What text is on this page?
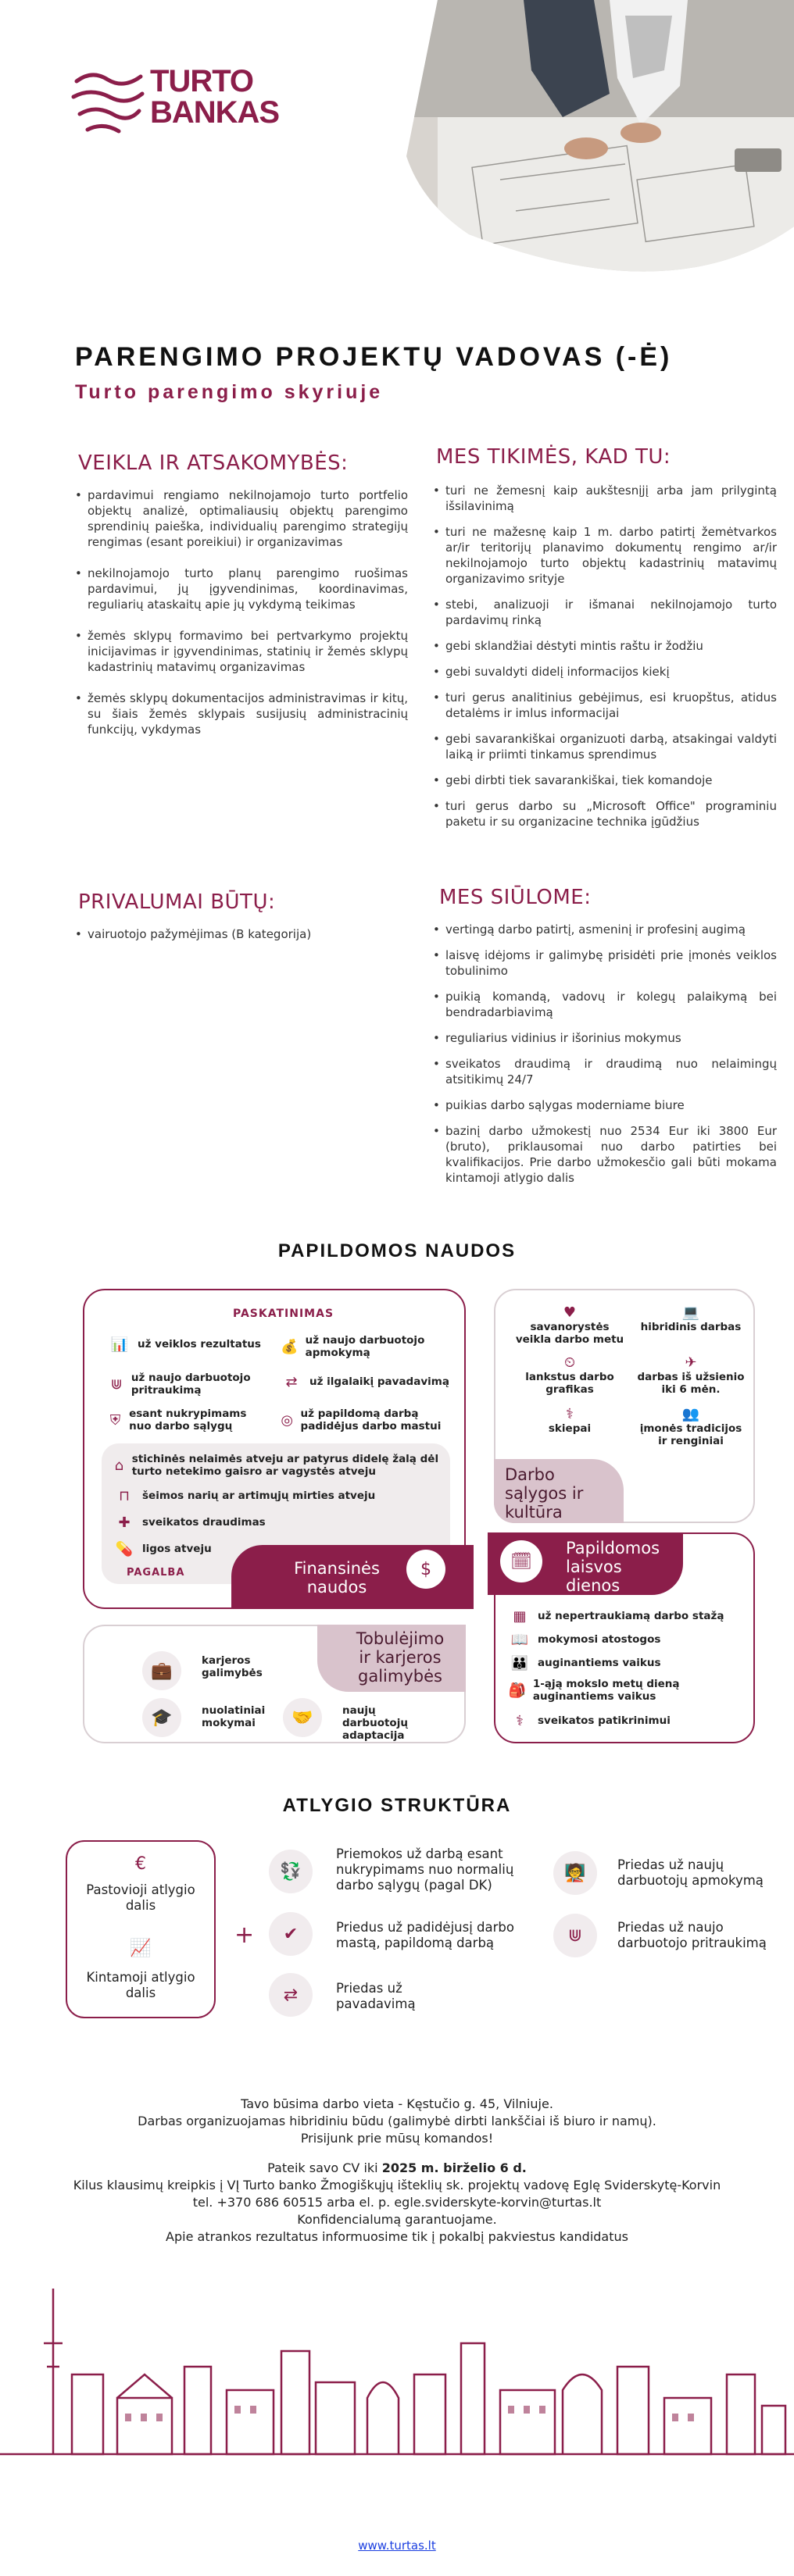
TURTO
BANKAS
PARENGIMO PROJEKTŲ VADOVAS (-Ė)
Turto parengimo skyriuje
VEIKLA IR ATSAKOMYBĖS:
• pardavimui rengiamo nekilnojamojo turto portfelio objektų analizė, optimaliausių objektų parengimo sprendinių paieška, individualių parengimo strategijų rengimas (esant poreikiui) ir organizavimas
• nekilnojamojo turto planų parengimo ruošimas pardavimui, jų įgyvendinimas, koordinavimas, reguliarių ataskaitų apie jų vykdymą teikimas
• žemės sklypų formavimo bei pertvarkymo projektų inicijavimas ir įgyvendinimas, statinių ir žemės sklypų kadastrinių matavimų organizavimas
• žemės sklypų dokumentacijos administravimas ir kitų, su šiais žemės sklypais susijusių administracinių funkcijų, vykdymas
MES TIKIMĖS, KAD TU:
• turi ne žemesnį kaip aukštesnįjį arba jam prilygintą išsilavinimą
• turi ne mažesnę kaip 1 m. darbo patirtį žemėtvarkos ar/ir teritorijų planavimo dokumentų rengimo ar/ir nekilnojamojo turto objektų kadastrinių matavimų organizavimo srityje
• stebi, analizuoji ir išmanai nekilnojamojo turto pardavimų rinką
• gebi sklandžiai dėstyti mintis raštu ir žodžiu
• gebi suvaldyti didelį informacijos kiekį
• turi gerus analitinius gebėjimus, esi kruopštus, atidus detalėms ir imlus informacijai
• gebi savarankiškai organizuoti darbą, atsakingai valdyti laiką ir priimti tinkamus sprendimus
• gebi dirbti tiek savarankiškai, tiek komandoje
• turi gerus darbo su „Microsoft Office" programiniu paketu ir su organizacine technika įgūdžius
PRIVALUMAI BŪTŲ:
• vairuotojo pažymėjimas (B kategorija)
MES SIŪLOME:
• vertingą darbo patirtį, asmeninį ir profesinį augimą
• laisvę idėjoms ir galimybę prisidėti prie įmonės veiklos tobulinimo
• puikią komandą, vadovų ir kolegų palaikymą bei bendradarbiavimą
• reguliarius vidinius ir išorinius mokymus
• sveikatos draudimą ir draudimą nuo nelaimingų atsitikimų 24/7
• puikias darbo sąlygas moderniame biure
• bazinį darbo užmokestį nuo 2534 Eur iki 3800 Eur (bruto), priklausomai nuo darbo patirties bei kvalifikacijos. Prie darbo užmokesčio gali būti mokama kintamoji atlygio dalis
PAPILDOMOS NAUDOS
PASKATINIMAS
📊 už veiklos rezultatus 💰 už naujo darbuotojo apmokymą
⋓ už naujo darbuotojo pritraukimą
⇄	už ilgalaikį pavadavimą
⛨ esant nukrypimams nuo darbo sąlygų	◎ už papildomą darbą padidėjus darbo mastui
⌂ stichinės nelaimės atveju ar patyrus didelę žalą dėl turto netekimo gaisro ar vagystės atveju
⊓	šeimos narių ar artimųjų mirties atveju
✚	sveikatos draudimas
💊 ligos atveju
PAGALBA	Finansinės naudos
$
♥
savanorystės veikla darbo metu
💻
hibridinis darbas
⏲
lankstus darbo grafikas
✈
darbas iš užsienio iki 6 mėn.
⚕
skiepai
👥
įmonės tradicijos ir renginiai
Darbo sąlygos ir kultūra
▦	už nepertraukiamą darbo stažą
📖 mokymosi atostogos
👪 auginantiems vaikus
🎒 1-ąją mokslo metų dieną auginantiems vaikus
⚕	sveikatos patikrinimui
Papildomos laisvos dienos
🗓
💼
karjeros galimybės
🎓	nuolatiniai mokymai	🤝	naujų darbuotojų adaptacija
Tobulėjimo ir karjeros galimybės
ATLYGIO STRUKTŪRA
€
Pastovioji atlygio dalis
📈
Kintamoji atlygio dalis
+
💱
Priemokos už darbą esant nukrypimams nuo normalių darbo sąlygų (pagal DK)
🧑‍🏫	Priedas už naujų darbuotojų apmokymą
✔	Priedus už padidėjusį darbo mastą, papildomą darbą	⋓	Priedas už naujo darbuotojo pritraukimą
⇄	Priedas už pavadavimą
Tavo būsima darbo vieta - Kęstučio g. 45, Vilniuje.
Darbas organizuojamas hibridiniu būdu (galimybė dirbti lankščiai iš biuro ir namų).
Prisijunk prie mūsų komandos!
Pateik savo CV iki 2025 m. birželio 6 d.
Kilus klausimų kreipkis į VĮ Turto banko Žmogiškųjų išteklių sk. projektų vadovę Eglę Sviderskytę-Korvin
tel. +370 686 60515 arba el. p. egle.sviderskyte-korvin@turtas.lt
Konfidencialumą garantuojame.
Apie atrankos rezultatus informuosime tik į pokalbį pakviestus kandidatus
www.turtas.lt
